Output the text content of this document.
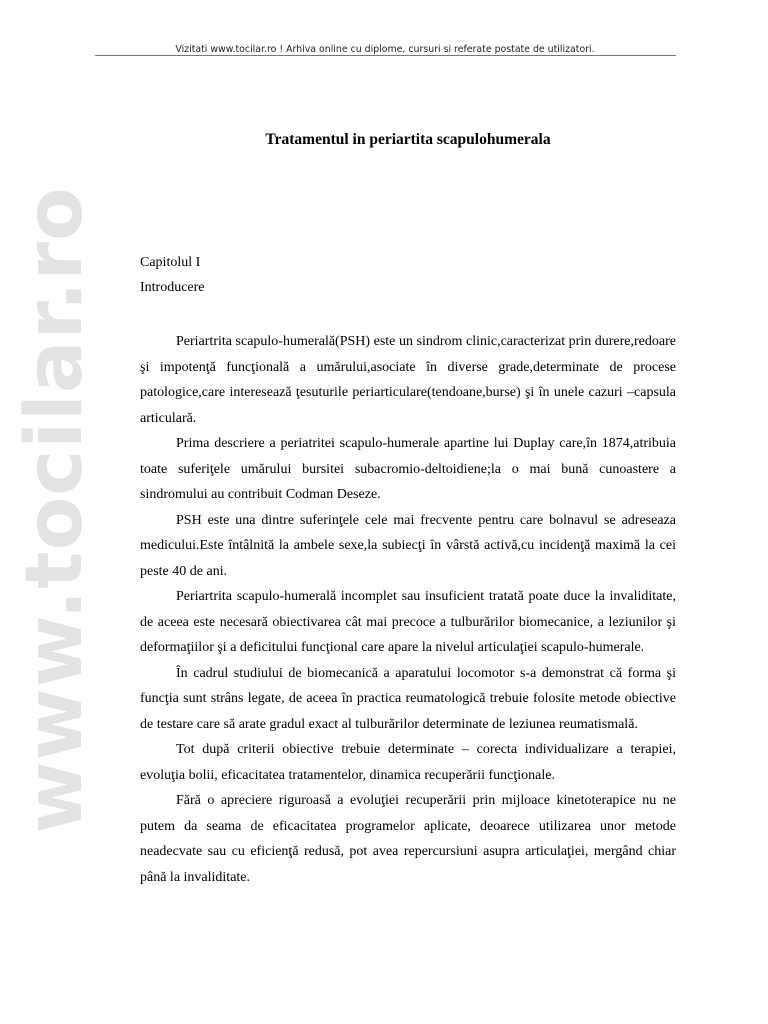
Vizitati www.tocilar.ro ! Arhiva online cu diplome, cursuri si referate postate de utilizatori.
www.tocilar.ro
Tratamentul in periartita scapulohumerala
Capitolul I
Introducere

Periartrita scapulo-humerală(PSH) este un sindrom clinic,caracterizat prin durere,redoare şi impotenţă funcţională a umărului,asociate în diverse grade,determinate de procese patologice,care interesează ţesuturile periarticulare(tendoane,burse) şi în unele cazuri –capsula articulară.

Prima descriere a periatritei scapulo-humerale apartine lui Duplay care,în 1874,atribuia toate suferiţele umărului bursitei subacromio-deltoidiene;la o mai bună cunoastere a sindromului au contribuit Codman Deseze.

PSH este una dintre suferinţele cele mai frecvente pentru care bolnavul se adreseaza medicului.Este întâlnită la ambele sexe,la subiecţi în vârstă activă,cu incidenţă maximă la cei peste 40 de ani.

Periartrita scapulo-humerală incomplet sau insuficient tratată poate duce la invaliditate, de aceea este necesară obiectivarea cât mai precoce a tulburărilor biomecanice, a leziunilor şi deformaţiilor şi a deficitului funcţional care apare la nivelul articulaţiei scapulo-humerale.

În cadrul studiului de biomecanică a aparatului locomotor s-a demonstrat că forma şi funcţia sunt strâns legate, de aceea în practica reumatologică trebuie folosite metode obiective de testare care să arate gradul exact al tulburărilor determinate de leziunea reumatismală.

Tot după criterii obiective trebuie determinate – corecta individualizare a terapiei, evoluţia bolii, eficacitatea tratamentelor, dinamica recuperării funcţionale.

Fără o apreciere riguroasă a evoluţiei recuperării prin mijloace kinetoterapice nu ne putem da seama de eficacitatea programelor aplicate, deoarece utilizarea unor metode neadecvate sau cu eficienţă redusă, pot avea repercursiuni asupra articulaţiei, mergând chiar până la invaliditate.
